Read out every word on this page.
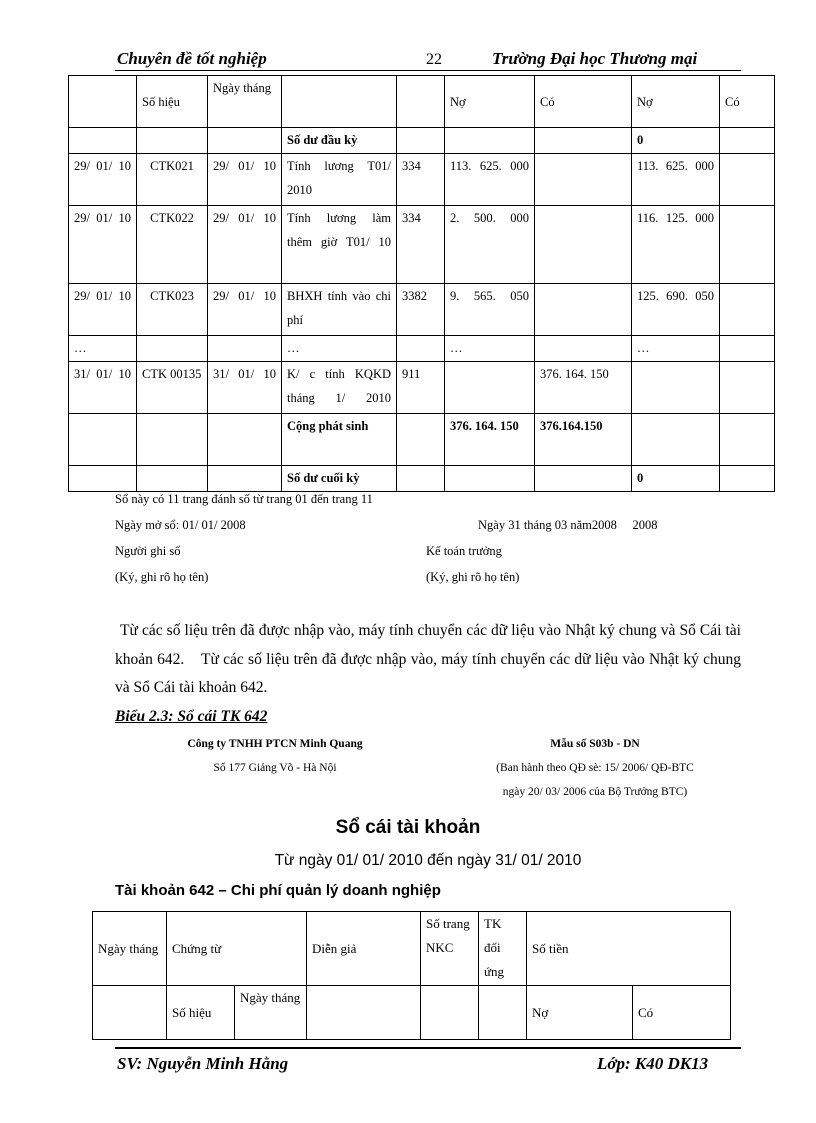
Chuyên đề tốt nghiệp	22	Trường Đại học Thương mại
	Số hiệu	Ngày tháng			Nợ	Có	Nợ	Có
			Số dư đầu kỳ				0	
29/ 01/ 10	CTK021	29/ 01/ 10	Tính lương T01/ 2010	334	113. 625. 000		113. 625. 000	
29/ 01/ 10	CTK022	29/ 01/ 10	Tính lương làm thêm giờ T01/ 10	334	2. 500. 000		116. 125. 000	
29/ 01/ 10	CTK023	29/ 01/ 10	BHXH tính vào chi phí	3382	9. 565. 050		125. 690. 050	
…			…		…		…	
31/ 01/ 10	CTK 00135	31/ 01/ 10	K/ c tính KQKD tháng 1/ 2010	911		376. 164. 150		
			Cộng phát sinh		376. 164. 150	376.164.150		
			Số dư cuối kỳ				0	
Sổ này có 11 trang đánh số từ trang 01 đến trang 11
Ngày mở sổ: 01/ 01/ 2008	Ngày 31 tháng 03 năm2008     2008
Người ghi sổ	Kế toán trưởng
(Ký, ghi rõ họ tên)	(Ký, ghi rõ họ tên)

Từ các số liệu trên đã được nhập vào, máy tính chuyển các dữ liệu vào Nhật ký chung và Sổ Cái tài khoản 642.    Từ các số liệu trên đã được nhập vào, máy tính chuyển các dữ liệu vào Nhật ký chung và Sổ Cái tài khoản 642.

Biểu 2.3: Sổ cái TK 642
Công ty TNHH PTCN Minh Quang
Số 177 Giảng Võ - Hà Nội
Mẫu số S03b - DN
(Ban hành theo QĐ sè: 15/ 2006/ QĐ-BTC
ngày 20/ 03/ 2006 của Bộ Trưởng BTC)
Sổ cái tài khoản
Từ ngày 01/ 01/ 2010 đến ngày 31/ 01/ 2010
Tài khoản 642 – Chi phí quản lý doanh nghiệp
Ngày tháng	Chứng từ		Diễn giả	Số trang NKC	TK đối ứng	Số tiền	
	Số hiệu	Ngày tháng				Nợ	Có
SV: Nguyễn Minh Hằng	Lớp: K40 DK13
